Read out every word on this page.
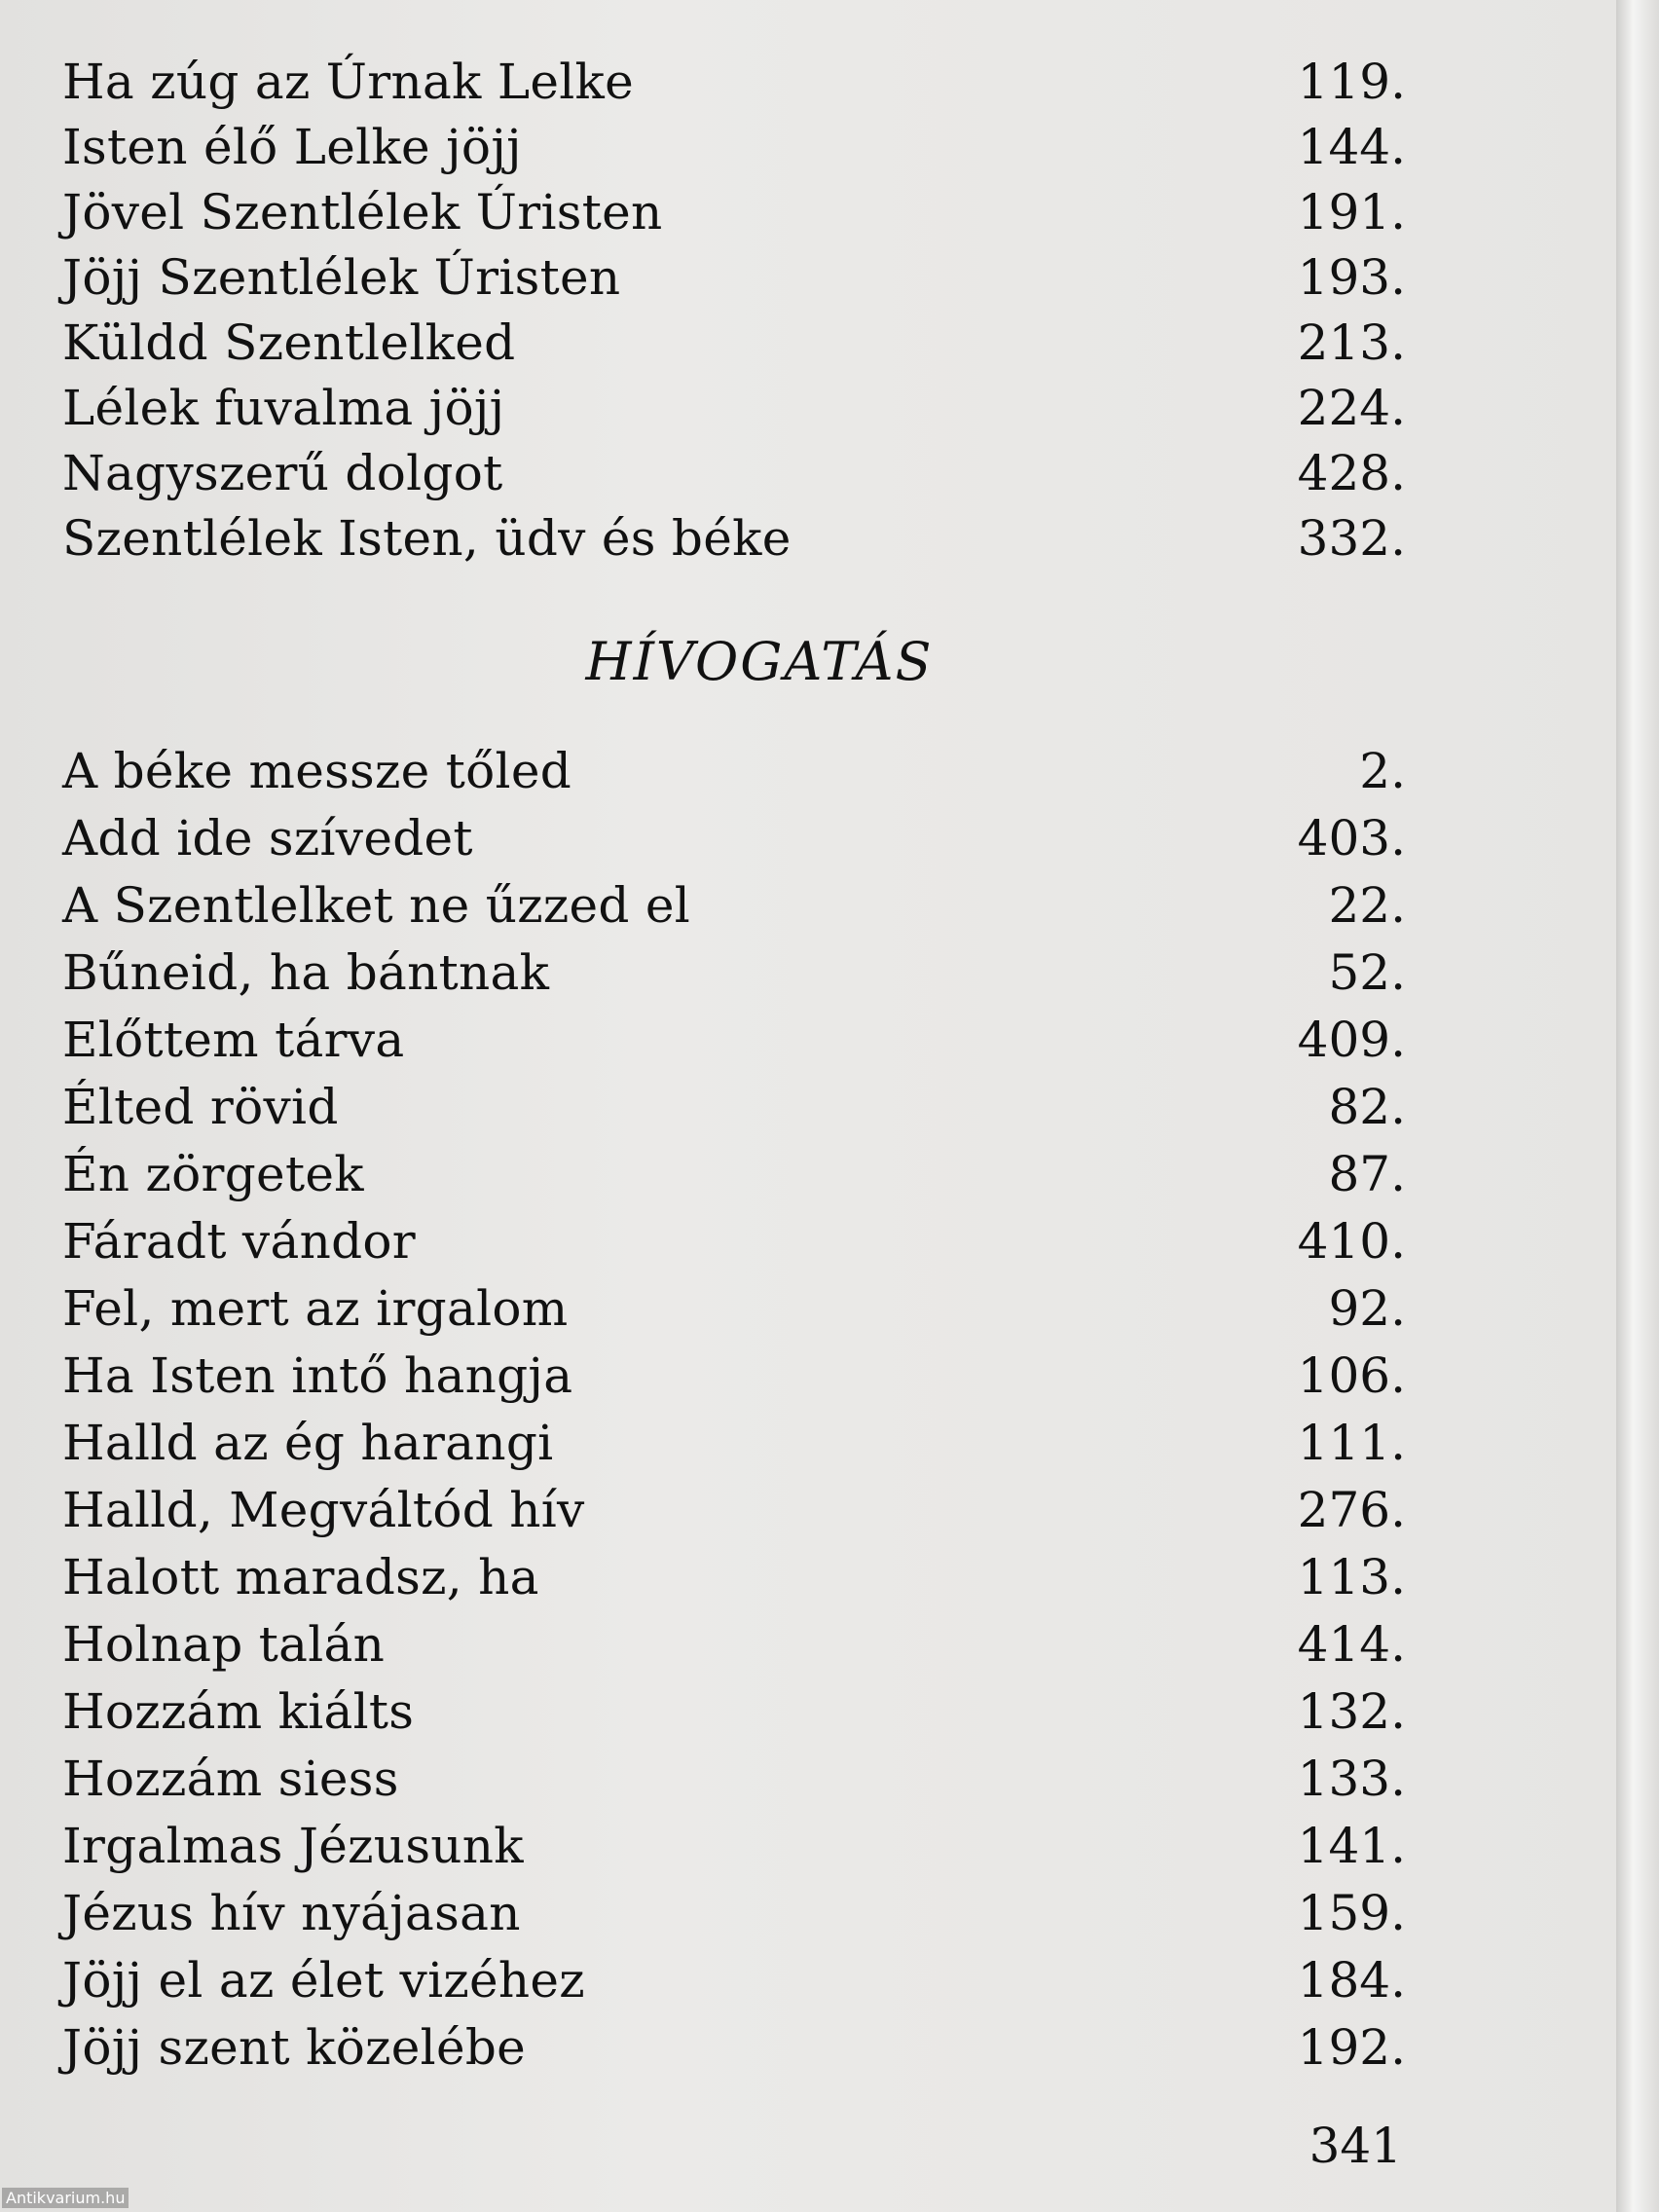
Ha zúg az Úrnak Lelke	119.
Isten élő Lelke jöjj	144.
Jövel Szentlélek Úristen	191.
Jöjj Szentlélek Úristen	193.
Küldd Szentlelked	213.
Lélek fuvalma jöjj	224.
Nagyszerű dolgot	428.
Szentlélek Isten, üdv és béke	332.
HÍVOGATÁS
A béke messze tőled	2.
Add ide szívedet	403.
A Szentlelket ne űzzed el	22.
Bűneid, ha bántnak	52.
Előttem tárva	409.
Élted rövid	82.
Én zörgetek	87.
Fáradt vándor	410.
Fel, mert az irgalom	92.
Ha Isten intő hangja	106.
Halld az ég harangi	111.
Halld, Megváltód hív	276.
Halott maradsz, ha	113.
Holnap talán	414.
Hozzám kiálts	132.
Hozzám siess	133.
Irgalmas Jézusunk	141.
Jézus hív nyájasan	159.
Jöjj el az élet vizéhez	184.
Jöjj szent közelébe	192.
341
Antikvarium.hu
